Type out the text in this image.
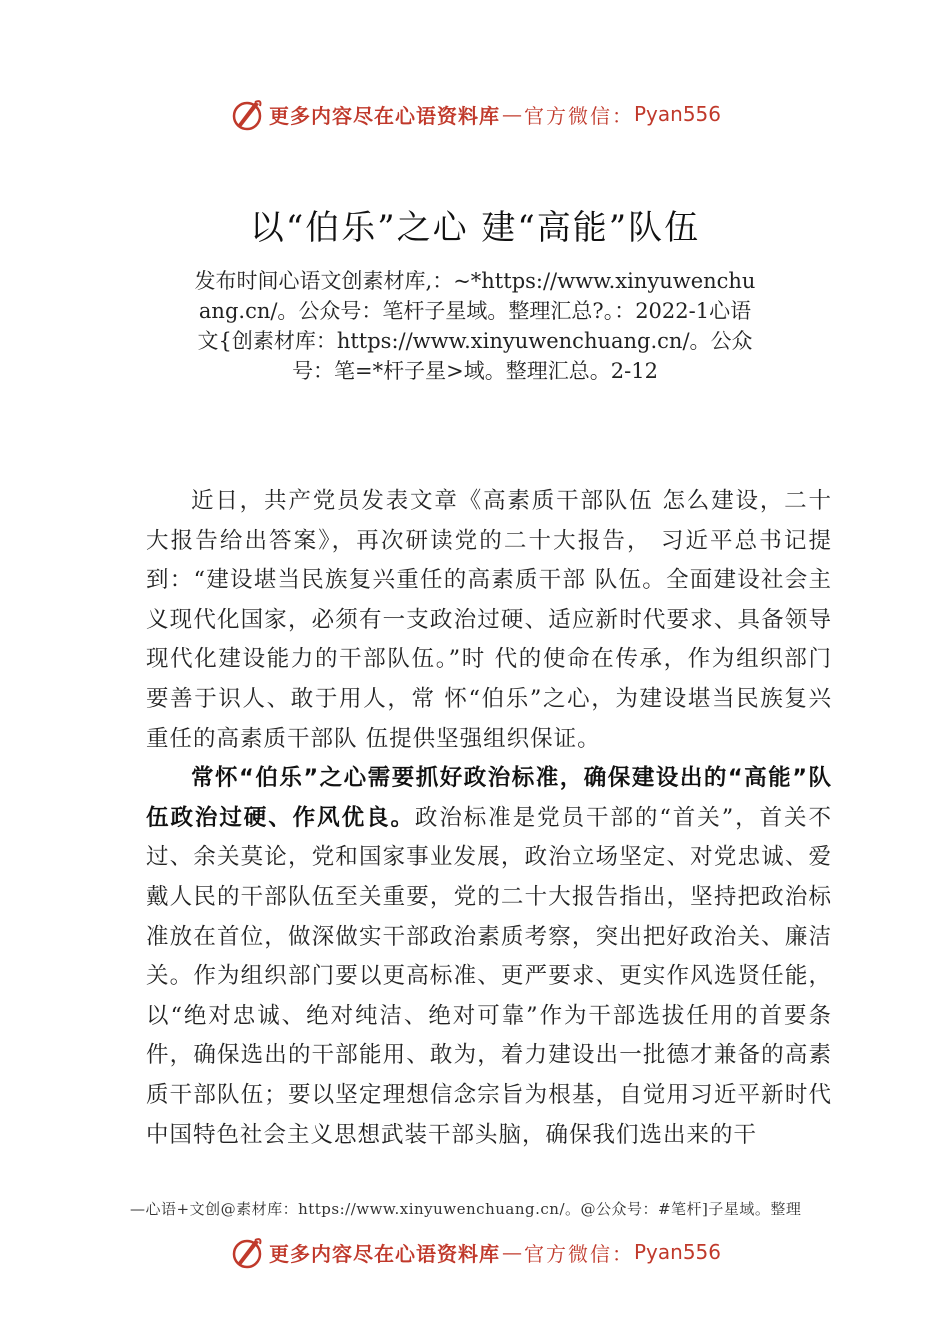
更多内容尽在心语资料库 — 官方微信： Pyan556
以“伯乐”之心 建“高能”队伍
发布时间心语文创素材库,：~*https://www.xinyuwenchuang.cn/。公众号：笔杆子星域。整理汇总?。：2022-1心语文{创素材库：https://www.xinyuwenchuang.cn/。公众号：笔=*杆子星>域。整理汇总。2-12

近日，共产党员发表文章《高素质干部队伍 怎么建设，二十大报告给出答案》，再次研读党的二十大报告， 习近平总书记提到：“建设堪当民族复兴重任的高素质干部 队伍。全面建设社会主义现代化国家，必须有一支政治过硬、适应新时代要求、具备领导现代化建设能力的干部队伍。”时 代的使命在传承，作为组织部门要善于识人、敢于用人，常 怀“伯乐”之心，为建设堪当民族复兴重任的高素质干部队 伍提供坚强组织保证。

常怀“伯乐”之心需要抓好政治标准，确保建设出的“高能”队伍政治过硬、作风优良。政治标准是党员干部的“首关”，首关不过、余关莫论，党和国家事业发展，政治立场坚定、对党忠诚、爱戴人民的干部队伍至关重要，党的二十大报告指出，坚持把政治标准放在首位，做深做实干部政治素质考察，突出把好政治关、廉洁关。作为组织部门要以更高标准、更严要求、更实作风选贤任能，以“绝对忠诚、绝对纯洁、绝对可靠”作为干部选拔任用的首要条件，确保选出的干部能用、敢为，着力建设出一批德才兼备的高素质干部队伍；要以坚定理想信念宗旨为根基，自觉用习近平新时代中国特色社会主义思想武装干部头脑，确保我们选出来的干

—心语+文创@素材库：https://www.xinyuwenchuang.cn/。@公众号：#笔杆]子星域。整理
更多内容尽在心语资料库 — 官方微信： Pyan556
